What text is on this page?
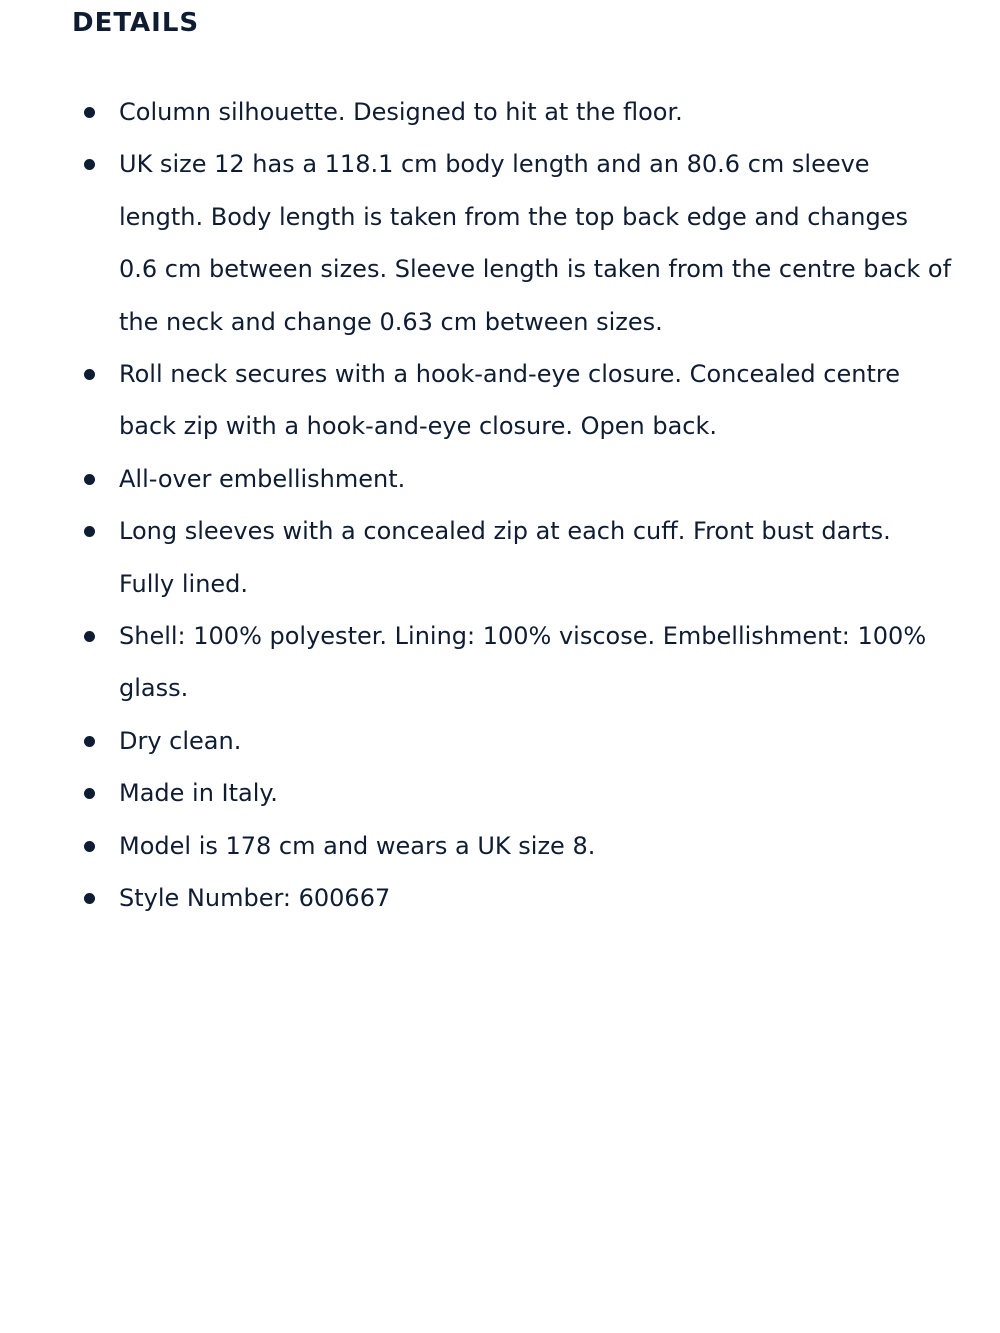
DETAILS
Column silhouette. Designed to hit at the floor.
UK size 12 has a 118.1 cm body length and an 80.6 cm sleeve length. Body length is taken from the top back edge and changes 0.6 cm between sizes. Sleeve length is taken from the centre back of the neck and change 0.63 cm between sizes.
Roll neck secures with a hook-and-eye closure. Concealed centre back zip with a hook-and-eye closure. Open back.
All-over embellishment.
Long sleeves with a concealed zip at each cuff. Front bust darts. Fully lined.
Shell: 100% polyester. Lining: 100% viscose. Embellishment: 100% glass.
Dry clean.
Made in Italy.
Model is 178 cm and wears a UK size 8.
Style Number: 600667
